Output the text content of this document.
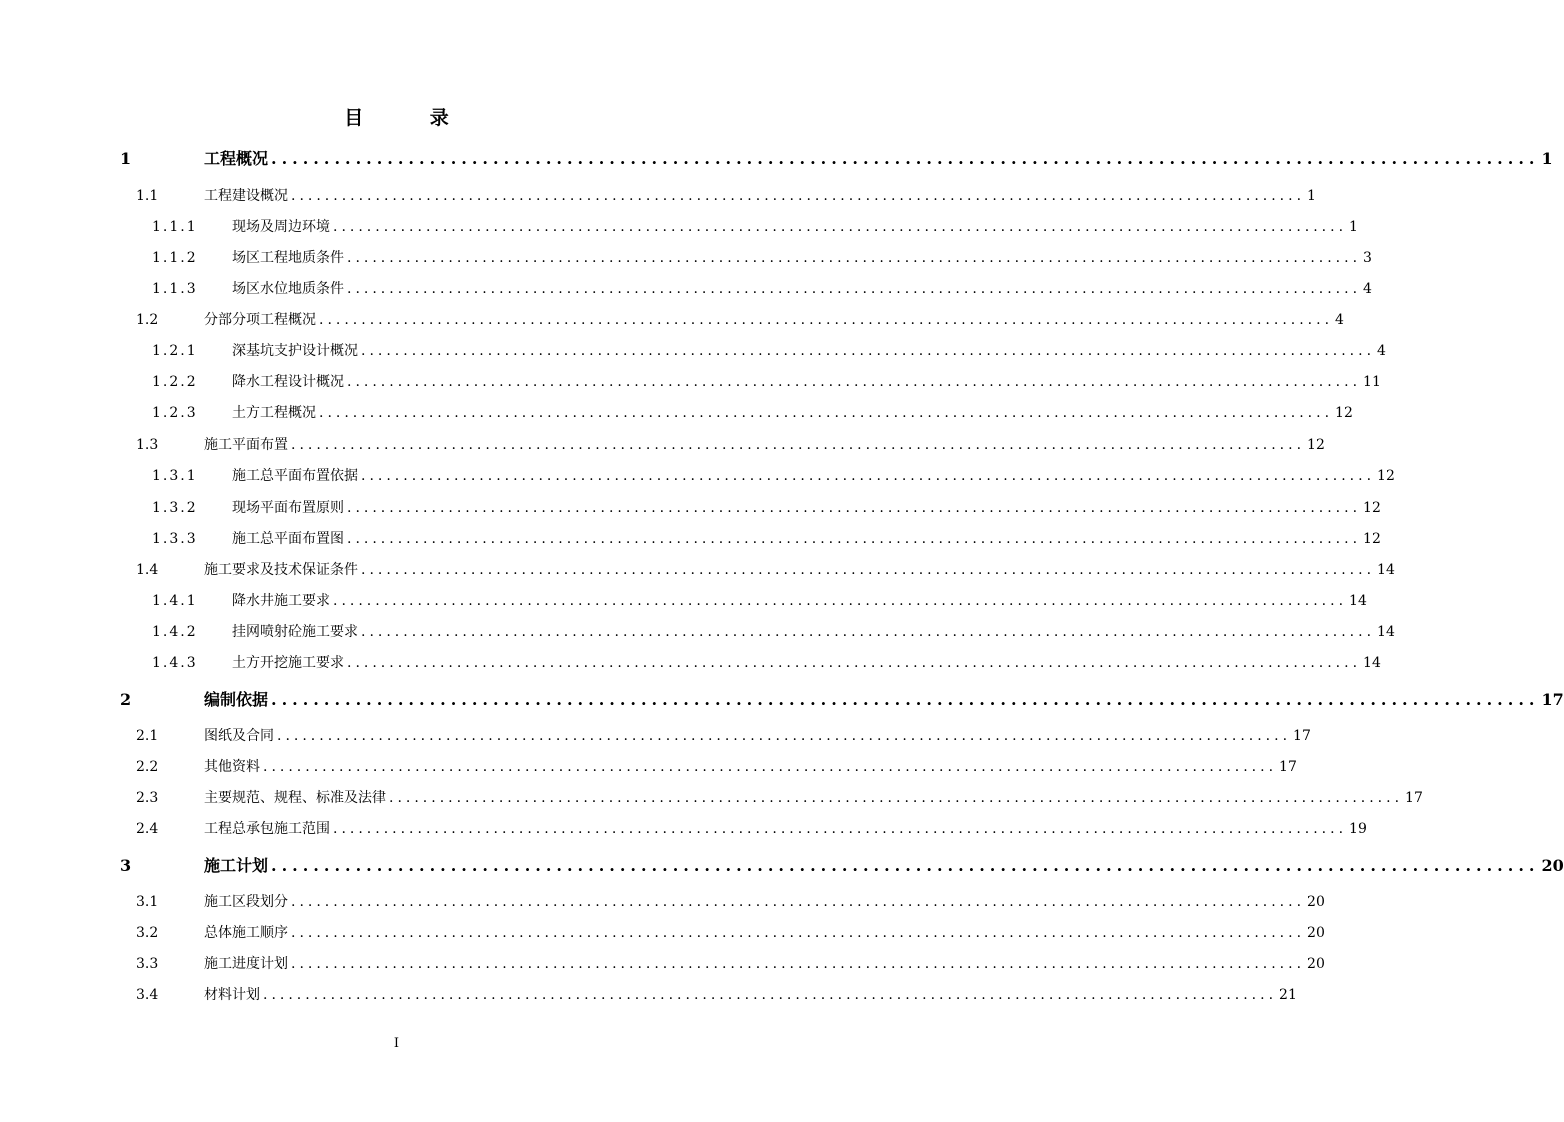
目 录
1	工程概况 ........................................................................................................................ 1
1.1	工程建设概况 ........................................................................................................................ 1
1.1.1 现场及周边环境 ........................................................................................................................ 1
1.1.2 场区工程地质条件 ........................................................................................................................ 3
1.1.3 场区水位地质条件 ........................................................................................................................ 4
1.2	分部分项工程概况 ........................................................................................................................ 4
1.2.1 深基坑支护设计概况 ........................................................................................................................ 4
1.2.2 降水工程设计概况 ........................................................................................................................ 11
1.2.3 土方工程概况 ........................................................................................................................ 12
1.3	施工平面布置 ........................................................................................................................ 12
1.3.1 施工总平面布置依据 ........................................................................................................................ 12
1.3.2 现场平面布置原则 ........................................................................................................................ 12
1.3.3 施工总平面布置图 ........................................................................................................................ 12
1.4	施工要求及技术保证条件 ........................................................................................................................ 14
1.4.1 降水井施工要求 ........................................................................................................................ 14
1.4.2 挂网喷射砼施工要求 ........................................................................................................................ 14
1.4.3 土方开挖施工要求 ........................................................................................................................ 14
2	编制依据 ........................................................................................................................ 17
2.1	图纸及合同 ........................................................................................................................ 17
2.2	其他资料 ........................................................................................................................ 17
2.3	主要规范、规程、标准及法律 ........................................................................................................................ 17
2.4	工程总承包施工范围 ........................................................................................................................ 19
3	施工计划 ........................................................................................................................ 20
3.1	施工区段划分 ........................................................................................................................ 20
3.2	总体施工顺序 ........................................................................................................................ 20
3.3	施工进度计划 ........................................................................................................................ 20
3.4	材料计划 ........................................................................................................................ 21
I
